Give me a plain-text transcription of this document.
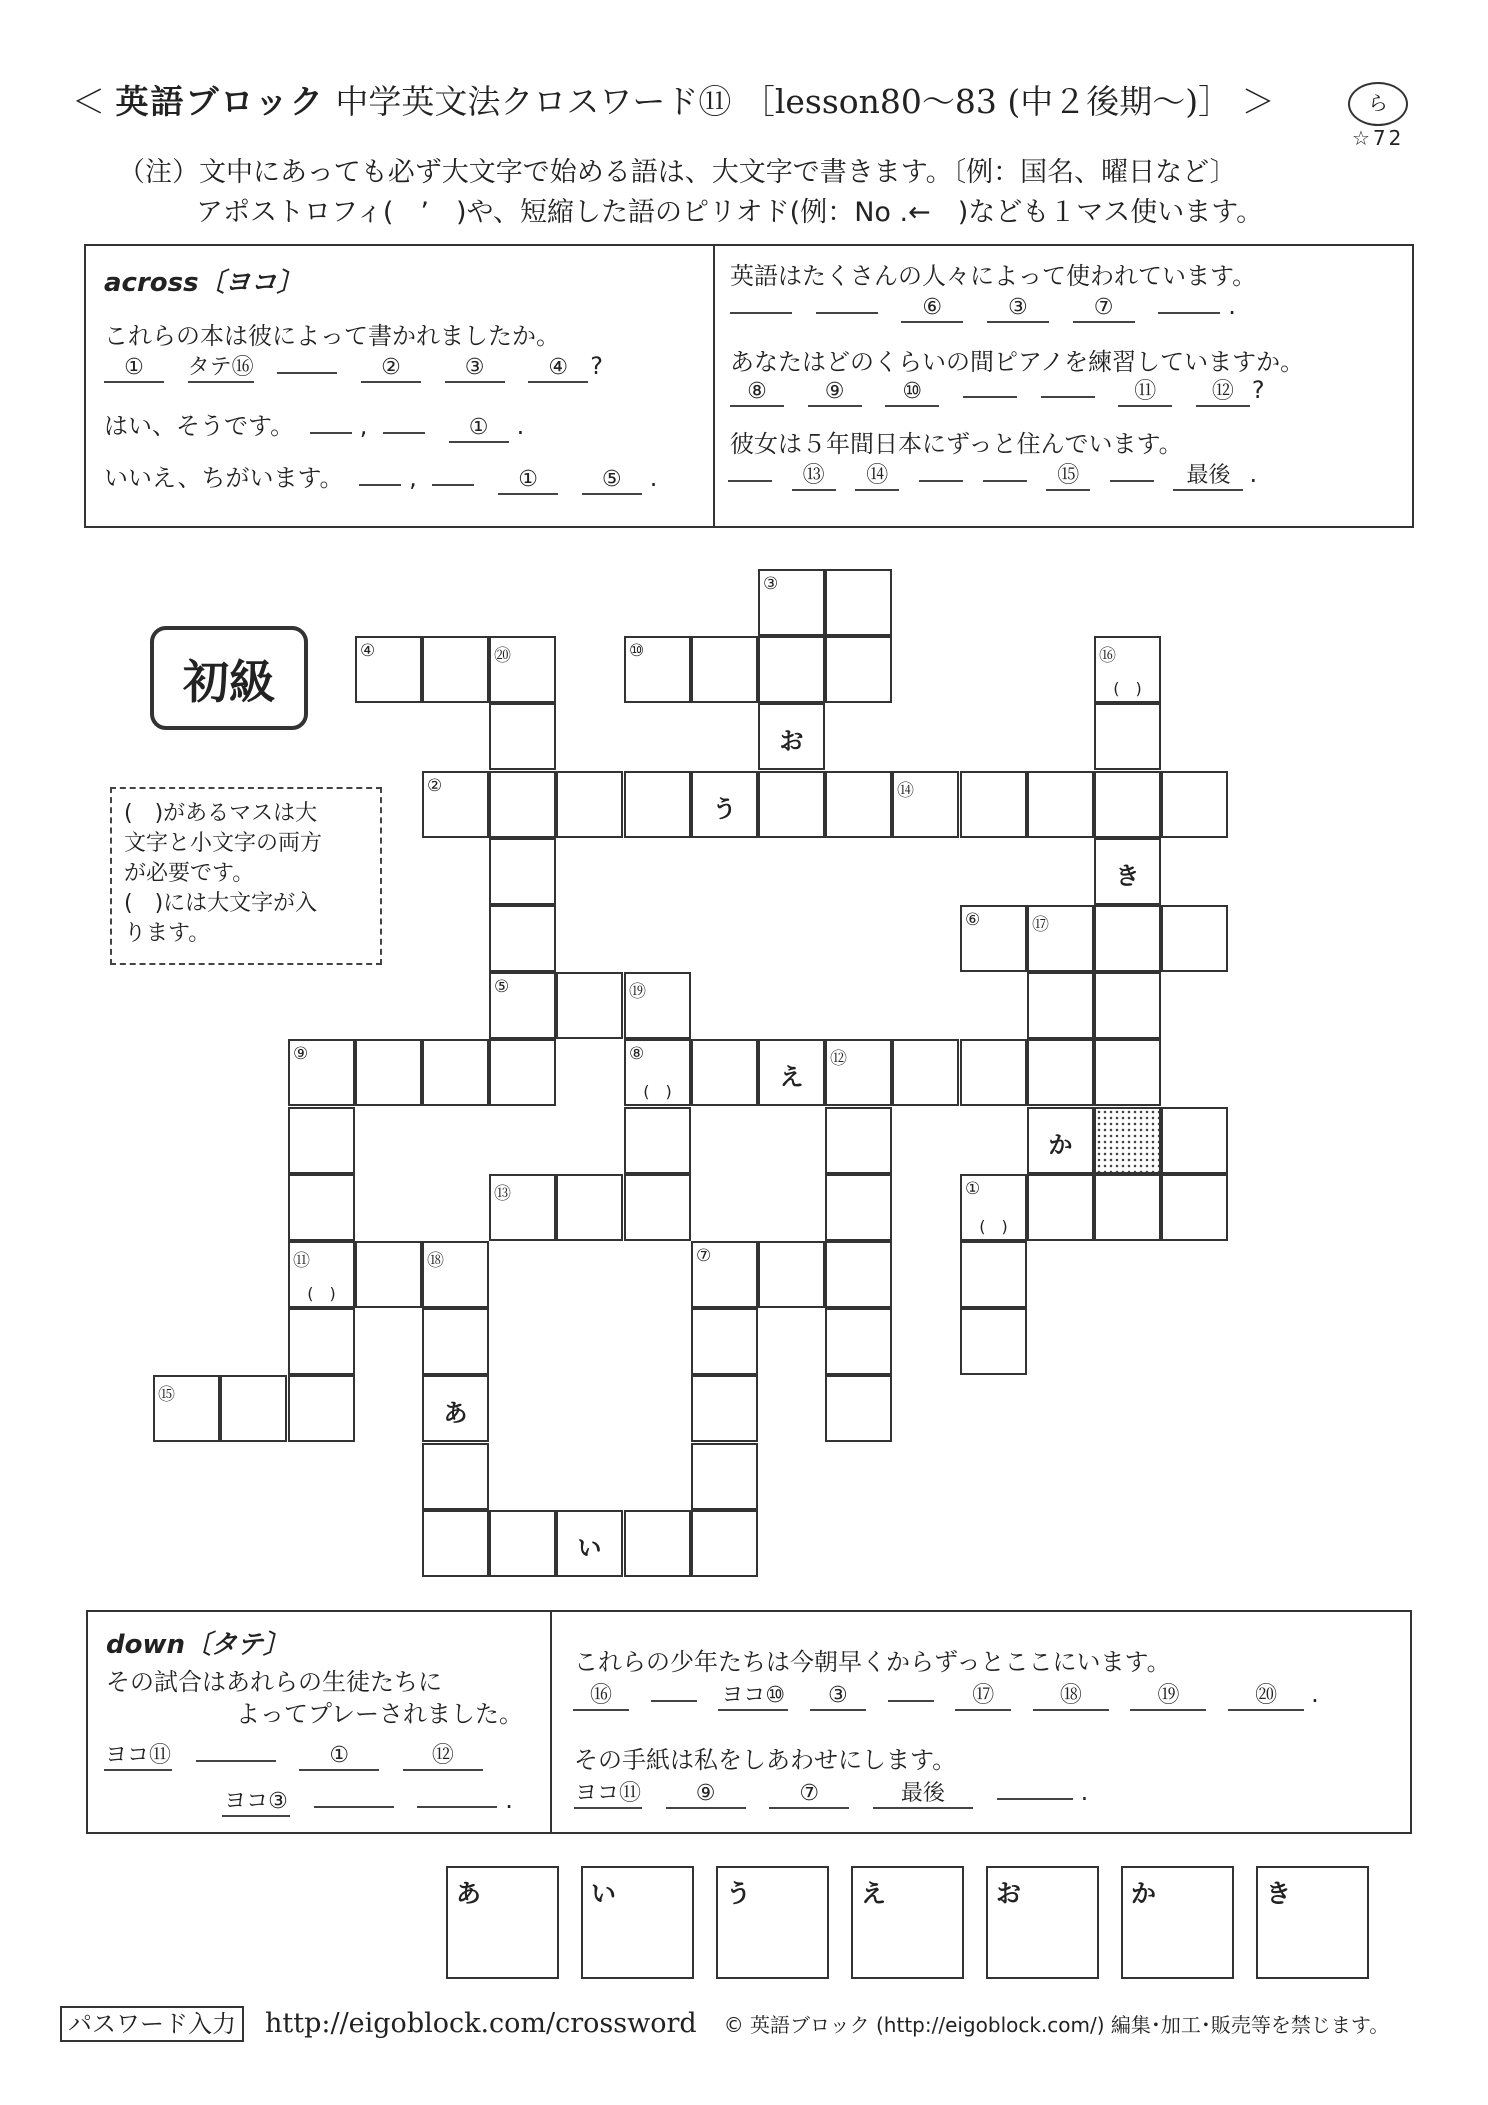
＜ 英語ブロック 中学英文法クロスワード⑪ ［lesson80～83 (中２後期～)］ ＞	ら
☆72
（注）文中にあっても必ず大文字で始める語は、大文字で書きます。〔例：国名、曜日など〕
アポストロフィ(　’　)や、短縮した語のピリオド(例：No .←　)なども１マス使います。
across〔ヨコ〕
これらの本は彼によって書かれましたか。
① タテ⑯	②	③	④ ?
はい、そうです。	,	① .
いいえ、ちがいます。	,	①	⑤ .
英語はたくさんの人々によって使われています。
⑥	③	⑦	.
あなたはどのくらいの間ピアノを練習していますか。
⑧	⑨	⑩	⑪	⑫ ?
彼女は５年間日本にずっと住んでいます。
⑬ ⑭	⑮	最後 .
初級
(　)があるマスは大
文字と小文字の両方
が必要です。
(　)には大文字が入
ります。
③
④	⑳	⑩	⑯
(　)
お
②
う
⑭
き
⑥	⑰
⑤	⑲
⑨	⑧
(　)
え
⑫
か
⑬	①
(　)
⑪
(　)
⑱	⑦
⑮
あ
い
down〔タテ〕
その試合はあれらの生徒たちに
よってプレーされました。
ヨコ⑪	①	⑫
ヨコ③	.
これらの少年たちは今朝早くからずっとここにいます。
⑯	ヨコ⑩ ③	⑰	⑱	⑲	⑳ .
その手紙は私をしあわせにします。
ヨコ⑪ ⑨	⑦	最後	.
あ	い	う	え	お	か	き
パスワード入力 http://eigoblock.com/crossword © 英語ブロック (http://eigoblock.com/) 編集･加工･販売等を禁じます。
